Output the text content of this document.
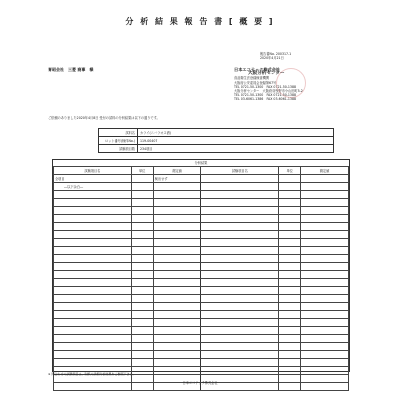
分 析 結 果 報 告 書 [ 概 要 ]
報告書No. 200317-1
2020年4月21日
育昭会社　三菱 商事　様	日本エコテック株式会社
大阪分析センター
食品衛生法登録検査機関
大阪府公安委員会登録第67号
TEL 0721-50-1300　FAX 0721-50-1388
大阪分析センター　大阪府羽曳野市小山田町5-2
TEL 0721-50-1300　FAX 0721-50-1388
TEL 03-6061-1386　FAX 03-6061-1388
ご依頼のありました2020年4月8日 受付の試料の分析結果は以下の通りです。
試料名	カライ(ニバラオス酒)
ロット番号(検体No.)	119-00407
試験項目数	234項目
分析結果
試験項目名	単位	測定値	試験項目名	単位	測定値
全項目		検出せず			
―以下余白―					

※ 問合わせの試験項目は、別紙の詳細分析結果をご参照下さい。
日本エコテック株式会社
